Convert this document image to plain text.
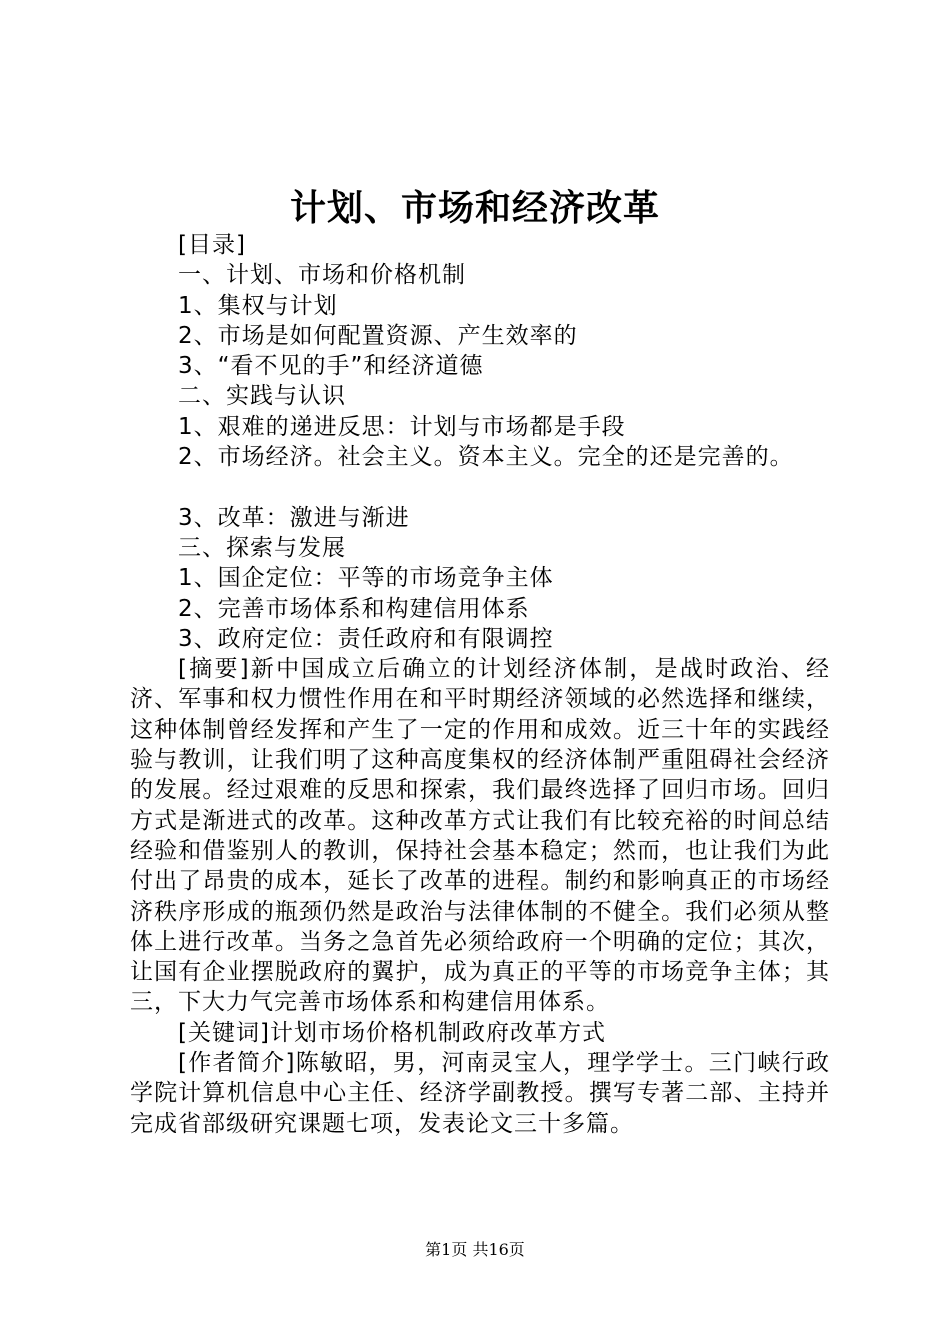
计划、市场和经济改革

[目录]

一、计划、市场和价格机制

1、集权与计划

2、市场是如何配置资源、产生效率的

3、“看不见的手”和经济道德

二、实践与认识

1、艰难的递进反思：计划与市场都是手段

2、市场经济。社会主义。资本主义。完全的还是完善的。

3、改革：激进与渐进

三、探索与发展

1、国企定位：平等的市场竞争主体

2、完善市场体系和构建信用体系

3、政府定位：责任政府和有限调控

[摘要]新中国成立后确立的计划经济体制，是战时政治、经济、军事和权力惯性作用在和平时期经济领域的必然选择和继续，这种体制曾经发挥和产生了一定的作用和成效。近三十年的实践经验与教训，让我们明了这种高度集权的经济体制严重阻碍社会经济的发展。经过艰难的反思和探索，我们最终选择了回归市场。回归方式是渐进式的改革。这种改革方式让我们有比较充裕的时间总结经验和借鉴别人的教训，保持社会基本稳定；然而，也让我们为此付出了昂贵的成本，延长了改革的进程。制约和影响真正的市场经济秩序形成的瓶颈仍然是政治与法律体制的不健全。我们必须从整体上进行改革。当务之急首先必须给政府一个明确的定位；其次，让国有企业摆脱政府的翼护，成为真正的平等的市场竞争主体；其三，下大力气完善市场体系和构建信用体系。

[关键词]计划市场价格机制政府改革方式

[作者简介]陈敏昭，男，河南灵宝人，理学学士。三门峡行政学院计算机信息中心主任、经济学副教授。撰写专著二部、主持并完成省部级研究课题七项，发表论文三十多篇。

第1页 共16页
